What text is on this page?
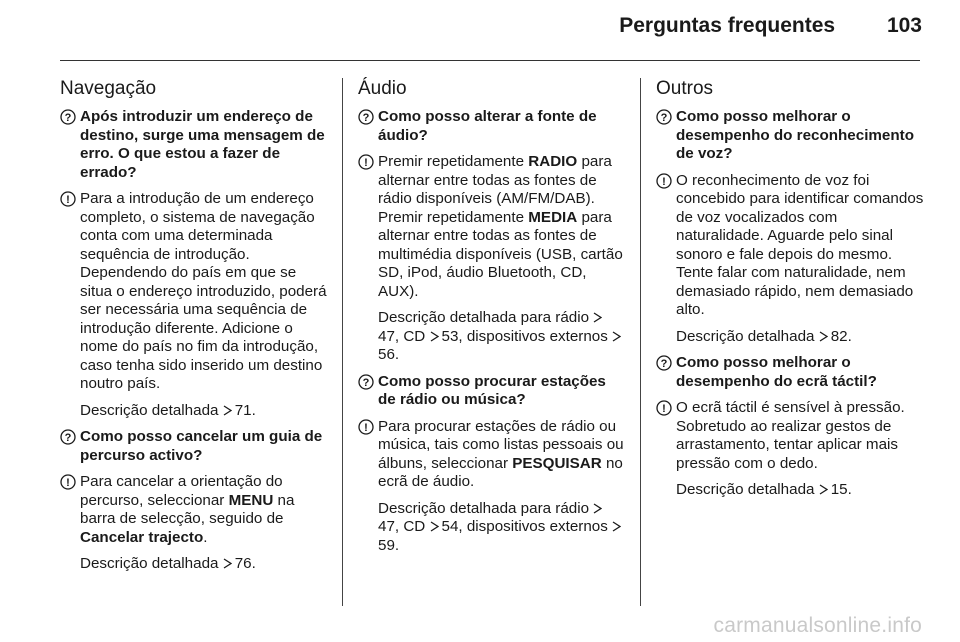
Perguntas frequentes 103
Navegação
Após introduzir um endereço de destino, surge uma mensagem de erro. O que estou a fazer de errado?
Para a introdução de um endereço completo, o sistema de navegação conta com uma determinada sequência de introdução. Dependendo do país em que se situa o endereço introduzido, poderá ser necessária uma sequência de introdução diferente. Adicione o nome do país no fim da introdução, caso tenha sido inserido um destino noutro país.
Descrição detalhada 71.
Como posso cancelar um guia de percurso activo?
Para cancelar a orientação do percurso, seleccionar MENU na barra de selecção, seguido de Cancelar trajecto.
Descrição detalhada 76.
Áudio
Como posso alterar a fonte de áudio?
Premir repetidamente RADIO para alternar entre todas as fontes de rádio disponíveis (AM/FM/DAB). Premir repetidamente MEDIA para alternar entre todas as fontes de multimédia disponíveis (USB, cartão SD, iPod, áudio Bluetooth, CD, AUX).
Descrição detalhada para rádio 47, CD 53, dispositivos externos 56.
Como posso procurar estações de rádio ou música?
Para procurar estações de rádio ou música, tais como listas pessoais ou álbuns, seleccionar PESQUISAR no ecrã de áudio.
Descrição detalhada para rádio 47, CD 54, dispositivos externos 59.
Outros
Como posso melhorar o desempenho do reconhecimento de voz?
O reconhecimento de voz foi concebido para identificar comandos de voz vocalizados com naturalidade. Aguarde pelo sinal sonoro e fale depois do mesmo. Tente falar com naturalidade, nem demasiado rápido, nem demasiado alto.
Descrição detalhada 82.
Como posso melhorar o desempenho do ecrã táctil?
O ecrã táctil é sensível à pressão. Sobretudo ao realizar gestos de arrastamento, tentar aplicar mais pressão com o dedo.
Descrição detalhada 15.
carmanualsonline.info
